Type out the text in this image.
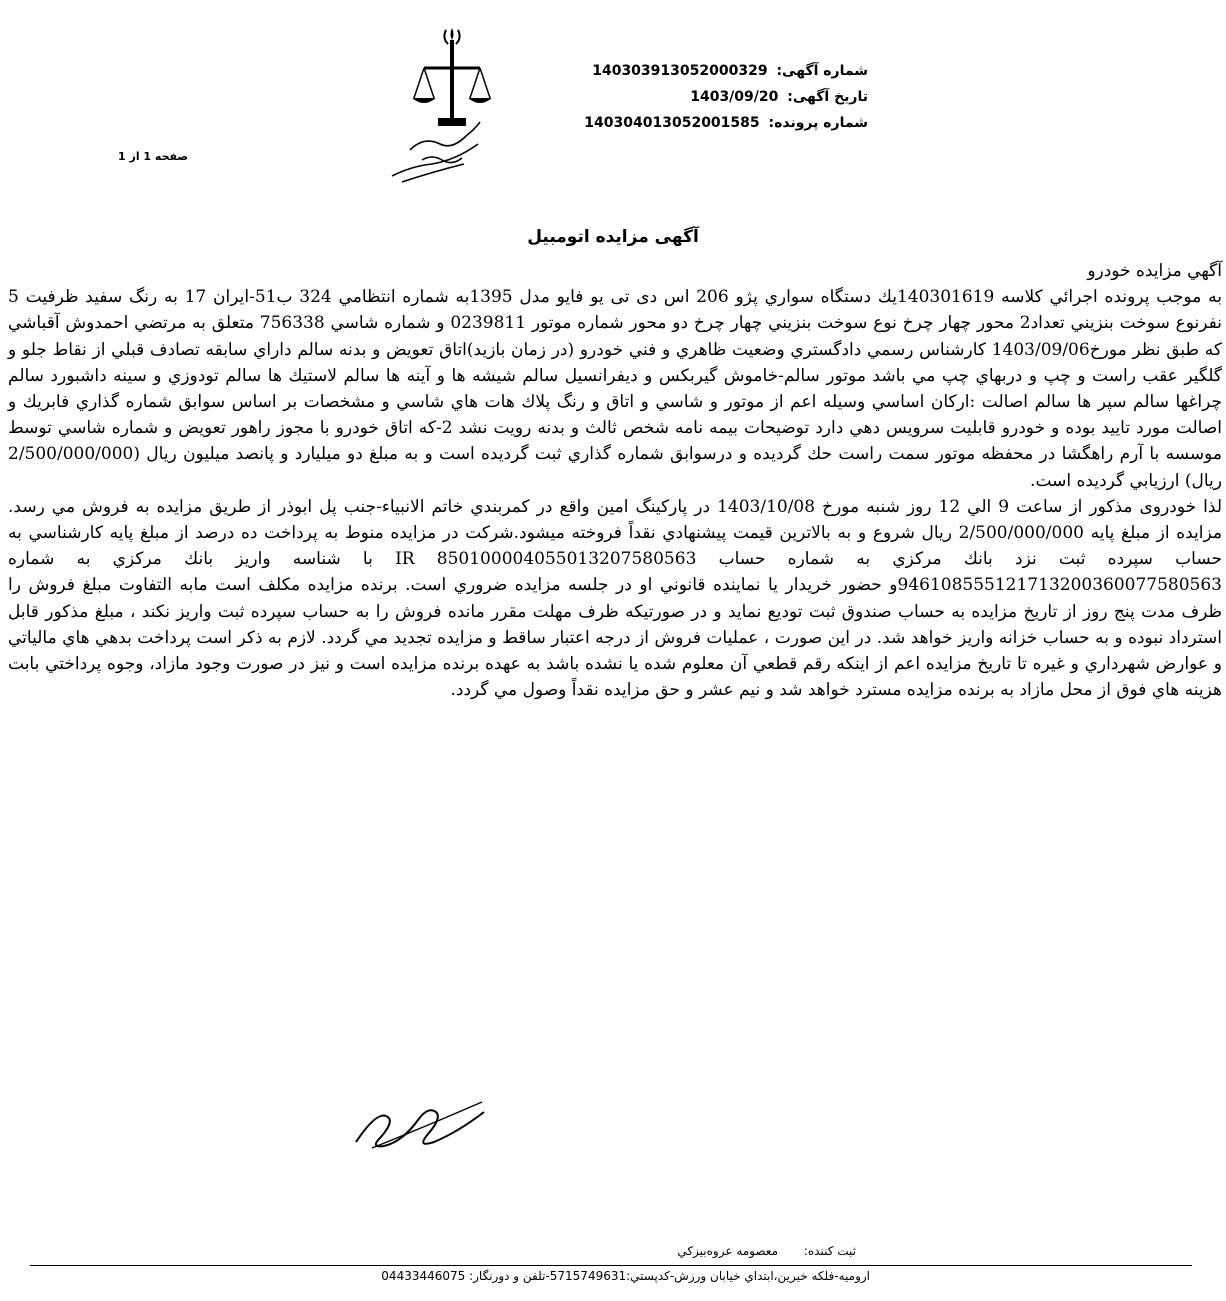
شماره آگهی: 140303913052000329
تاریخ آگهی: 1403/09/20
شماره پرونده: 140304013052001585
صفحه 1 از 1
آگهی مزایده اتومبیل

آگهي مزايده خودرو

به موجب پرونده اجرائي كلاسه 140301619يك دستگاه سواري پژو 206 اس دی تی يو فايو مدل 1395به شماره انتظامي 324 ب51-ايران 17 به رنگ سفيد ظرفيت 5 نفرنوع سوخت بنزيني تعداد2 محور چهار چرخ نوع سوخت بنزيني چهار چرخ دو محور شماره موتور 0239811 و شماره شاسي 756338 متعلق به مرتضي احمدوش آقباشي كه طبق نظر مورخ1403/09/06 كارشناس رسمي دادگستري وضعيت ظاهري و فني خودرو (در زمان بازيد)اتاق تعويض و بدنه سالم داراي سابقه تصادف قبلي از نقاط جلو و گلگير عقب راست و چپ و دربهاي چپ مي باشد موتور سالم-خاموش گيربكس و ديفرانسيل سالم شيشه ها و آينه ها سالم لاستيك ها سالم تودوزي و سينه داشبورد سالم چراغها سالم سپر ها سالم اصالت :اركان اساسي وسيله اعم از موتور و شاسي و اتاق و رنگ پلاك هات هاي شاسي و مشخصات بر اساس سوابق شماره گذاري فابريك و اصالت مورد تاييد بوده و خودرو قابليت سرويس دهي دارد توضيحات بيمه نامه شخص ثالث و بدنه رويت نشد 2-كه اتاق خودرو با مجوز راهور تعويض و شماره شاسي توسط موسسه با آرم راهگشا در محفظه موتور سمت راست حك گرديده و درسوابق شماره گذاري ثبت گرديده است و به مبلغ دو ميليارد و پانصد ميليون ريال (2/500/000/000 ريال) ارزيابي گرديده است.

لذا خودروی مذكور از ساعت 9 الي 12 روز شنبه مورخ 1403/10/08 در پاركينگ امين واقع در كمربندي خاتم الانبياء-جنب پل ابوذر از طريق مزايده به فروش مي رسد. مزايده از مبلغ پايه 2/500/000/000 ريال شروع و به بالاترين قيمت پيشنهادي نقداً فروخته ميشود.شركت در مزايده منوط به پرداخت ده درصد از مبلغ پايه كارشناسي به حساب سپرده ثبت نزد بانك مركزي به شماره حساب IR 850100004055013207580563 با شناسه واريز بانك مركزي به شماره 946108555121713200360077580563و حضور خريدار يا نماينده قانوني او در جلسه مزايده ضروري است. برنده مزايده مكلف است مابه التفاوت مبلغ فروش را ظرف مدت پنج روز از تاريخ مزايده به حساب صندوق ثبت توديع نمايد و در صورتيكه ظرف مهلت مقرر مانده فروش را به حساب سپرده ثبت واريز نكند ، مبلغ مذكور قابل استرداد نبوده و به حساب خزانه واريز خواهد شد. در اين صورت ، عمليات فروش از درجه اعتبار ساقط و مزايده تجديد مي گردد. لازم به ذكر است پرداخت بدهي هاي مالياتي و عوارض شهرداري و غيره تا تاريخ مزايده اعم از اينكه رقم قطعي آن معلوم شده يا نشده باشد به عهده برنده مزايده است و نيز در صورت وجود مازاد، وجوه پرداختي بابت هزينه هاي فوق از محل مازاد به برنده مزايده مسترد خواهد شد و نيم عشر و حق مزايده نقداً وصول مي گردد.

ثبت كننده: معصومه عروه‌بيزكي
اروميه-فلكه خيرين،ابتداي خيابان ورزش-كدپستي:5715749631-تلفن و دورنگار: 04433446075
